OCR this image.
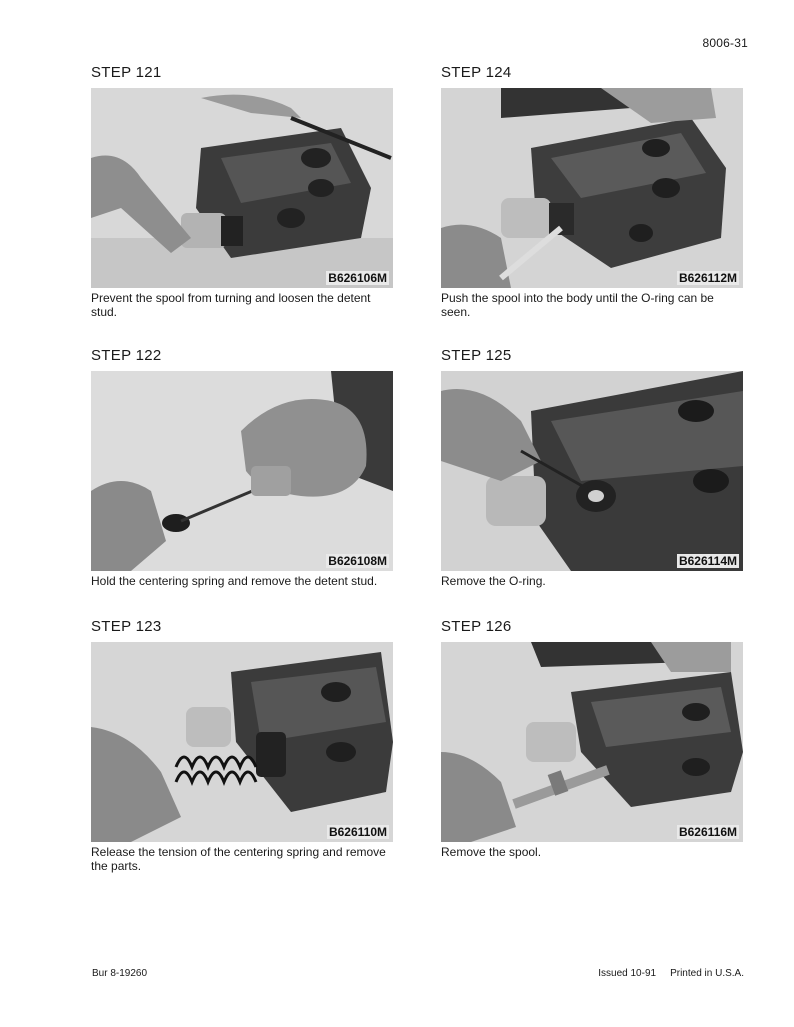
8006-31
STEP 121
B626106M
Prevent the spool from turning and loosen the detent stud.
STEP 124
B626112M
Push the spool into the body until the O-ring can be seen.
STEP 122
B626108M
Hold the centering spring and remove the detent stud.
STEP 125
B626114M
Remove the O-ring.
STEP 123
B626110M
Release the tension of the centering spring and remove the parts.
STEP 126
B626116M
Remove the spool.
Bur 8-19260	Issued 10-91 Printed in U.S.A.
